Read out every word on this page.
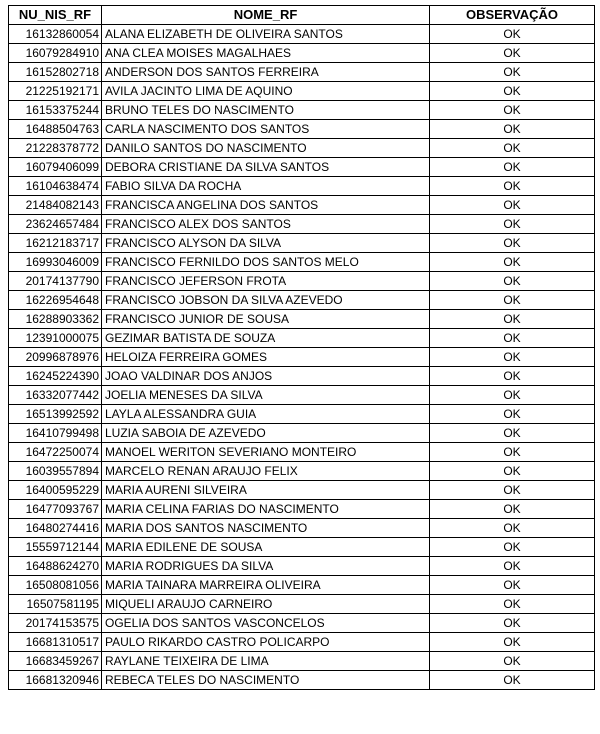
NU_NIS_RF	NOME_RF	OBSERVAÇÃO
16132860054	ALANA ELIZABETH DE OLIVEIRA SANTOS	OK
16079284910	ANA CLEA MOISES MAGALHAES	OK
16152802718	ANDERSON DOS SANTOS FERREIRA	OK
21225192171	AVILA JACINTO LIMA DE AQUINO	OK
16153375244	BRUNO TELES DO NASCIMENTO	OK
16488504763	CARLA NASCIMENTO DOS SANTOS	OK
21228378772	DANILO SANTOS DO NASCIMENTO	OK
16079406099	DEBORA CRISTIANE DA SILVA SANTOS	OK
16104638474	FABIO SILVA DA ROCHA	OK
21484082143	FRANCISCA ANGELINA DOS SANTOS	OK
23624657484	FRANCISCO ALEX DOS SANTOS	OK
16212183717	FRANCISCO ALYSON DA SILVA	OK
16993046009	FRANCISCO FERNILDO DOS SANTOS MELO	OK
20174137790	FRANCISCO JEFERSON FROTA	OK
16226954648	FRANCISCO JOBSON DA SILVA AZEVEDO	OK
16288903362	FRANCISCO JUNIOR DE SOUSA	OK
12391000075	GEZIMAR BATISTA DE SOUZA	OK
20996878976	HELOIZA FERREIRA GOMES	OK
16245224390	JOAO VALDINAR DOS ANJOS	OK
16332077442	JOELIA MENESES DA SILVA	OK
16513992592	LAYLA ALESSANDRA GUIA	OK
16410799498	LUZIA SABOIA DE AZEVEDO	OK
16472250074	MANOEL WERITON SEVERIANO MONTEIRO	OK
16039557894	MARCELO RENAN ARAUJO FELIX	OK
16400595229	MARIA AURENI SILVEIRA	OK
16477093767	MARIA CELINA FARIAS DO NASCIMENTO	OK
16480274416	MARIA DOS SANTOS NASCIMENTO	OK
15559712144	MARIA EDILENE DE SOUSA	OK
16488624270	MARIA RODRIGUES DA SILVA	OK
16508081056	MARIA TAINARA MARREIRA OLIVEIRA	OK
16507581195	MIQUELI ARAUJO CARNEIRO	OK
20174153575	OGELIA DOS SANTOS VASCONCELOS	OK
16681310517	PAULO RIKARDO CASTRO POLICARPO	OK
16683459267	RAYLANE TEIXEIRA DE LIMA	OK
16681320946	REBECA TELES DO NASCIMENTO	OK
